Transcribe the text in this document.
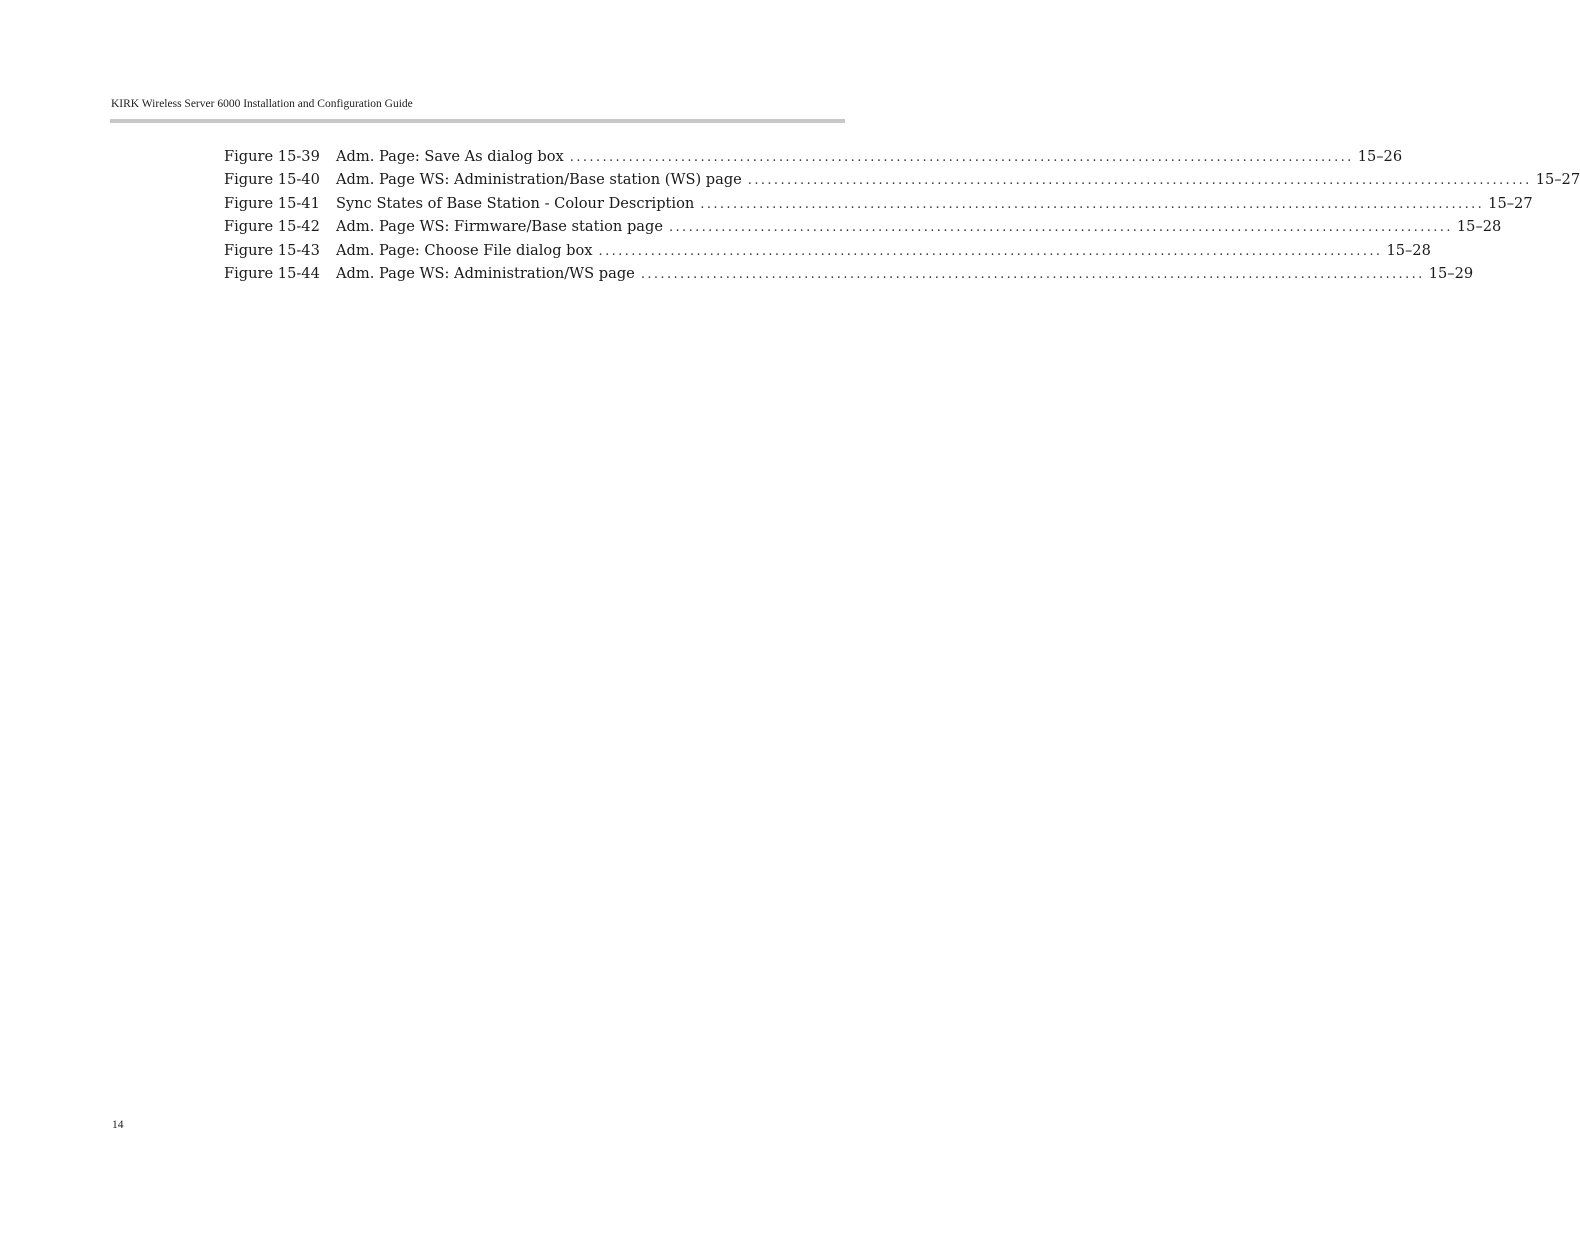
KIRK Wireless Server 6000 Installation and Configuration Guide
Figure 15-39	Adm. Page: Save As dialog box ........................................................................................................................ 15–26
Figure 15-40	Adm. Page WS: Administration/Base station (WS) page ........................................................................................................................ 15–27
Figure 15-41	Sync States of Base Station - Colour Description ........................................................................................................................ 15–27
Figure 15-42	Adm. Page WS: Firmware/Base station page ........................................................................................................................ 15–28
Figure 15-43	Adm. Page: Choose File dialog box ........................................................................................................................ 15–28
Figure 15-44	Adm. Page WS: Administration/WS page ........................................................................................................................ 15–29
14
